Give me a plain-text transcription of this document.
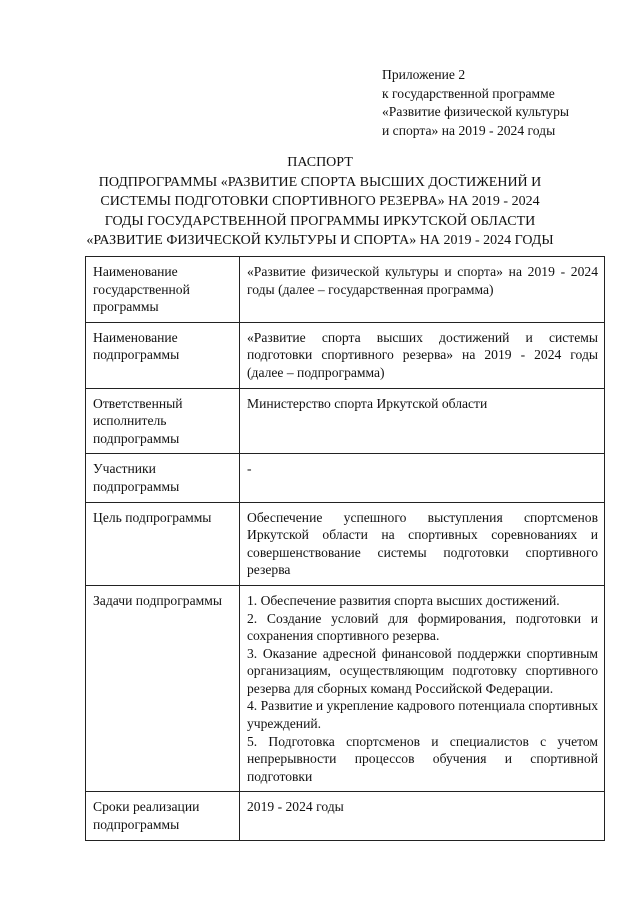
Приложение 2
к государственной программе
«Развитие физической культуры
и спорта» на 2019 - 2024 годы
ПАСПОРТ
ПОДПРОГРАММЫ «РАЗВИТИЕ СПОРТА ВЫСШИХ ДОСТИЖЕНИЙ И
СИСТЕМЫ ПОДГОТОВКИ СПОРТИВНОГО РЕЗЕРВА» НА 2019 - 2024
ГОДЫ ГОСУДАРСТВЕННОЙ ПРОГРАММЫ ИРКУТСКОЙ ОБЛАСТИ
«РАЗВИТИЕ ФИЗИЧЕСКОЙ КУЛЬТУРЫ И СПОРТА» НА 2019 - 2024 ГОДЫ
Наименование государственной программы	«Развитие физической культуры и спорта» на 2019 - 2024 годы (далее – государственная программа)
Наименование подпрограммы	«Развитие спорта высших достижений и системы подготовки спортивного резерва» на 2019 - 2024 годы (далее – подпрограмма)
Ответственный исполнитель подпрограммы	Министерство спорта Иркутской области
Участники подпрограммы	-
Цель подпрограммы	Обеспечение успешного выступления спортсменов Иркутской области на спортивных соревнованиях и совершенствование системы подготовки спортивного резерва
Задачи подпрограммы	1. Обеспечение развития спорта высших достижений.
2. Создание условий для формирования, подготовки и сохранения спортивного резерва.
3. Оказание адресной финансовой поддержки спортивным организациям, осуществляющим подготовку спортивного резерва для сборных команд Российской Федерации.
4. Развитие и укрепление кадрового потенциала спортивных учреждений.
5. Подготовка спортсменов и специалистов с учетом непрерывности процессов обучения и спортивной подготовки

Сроки реализации подпрограммы	2019 - 2024 годы
